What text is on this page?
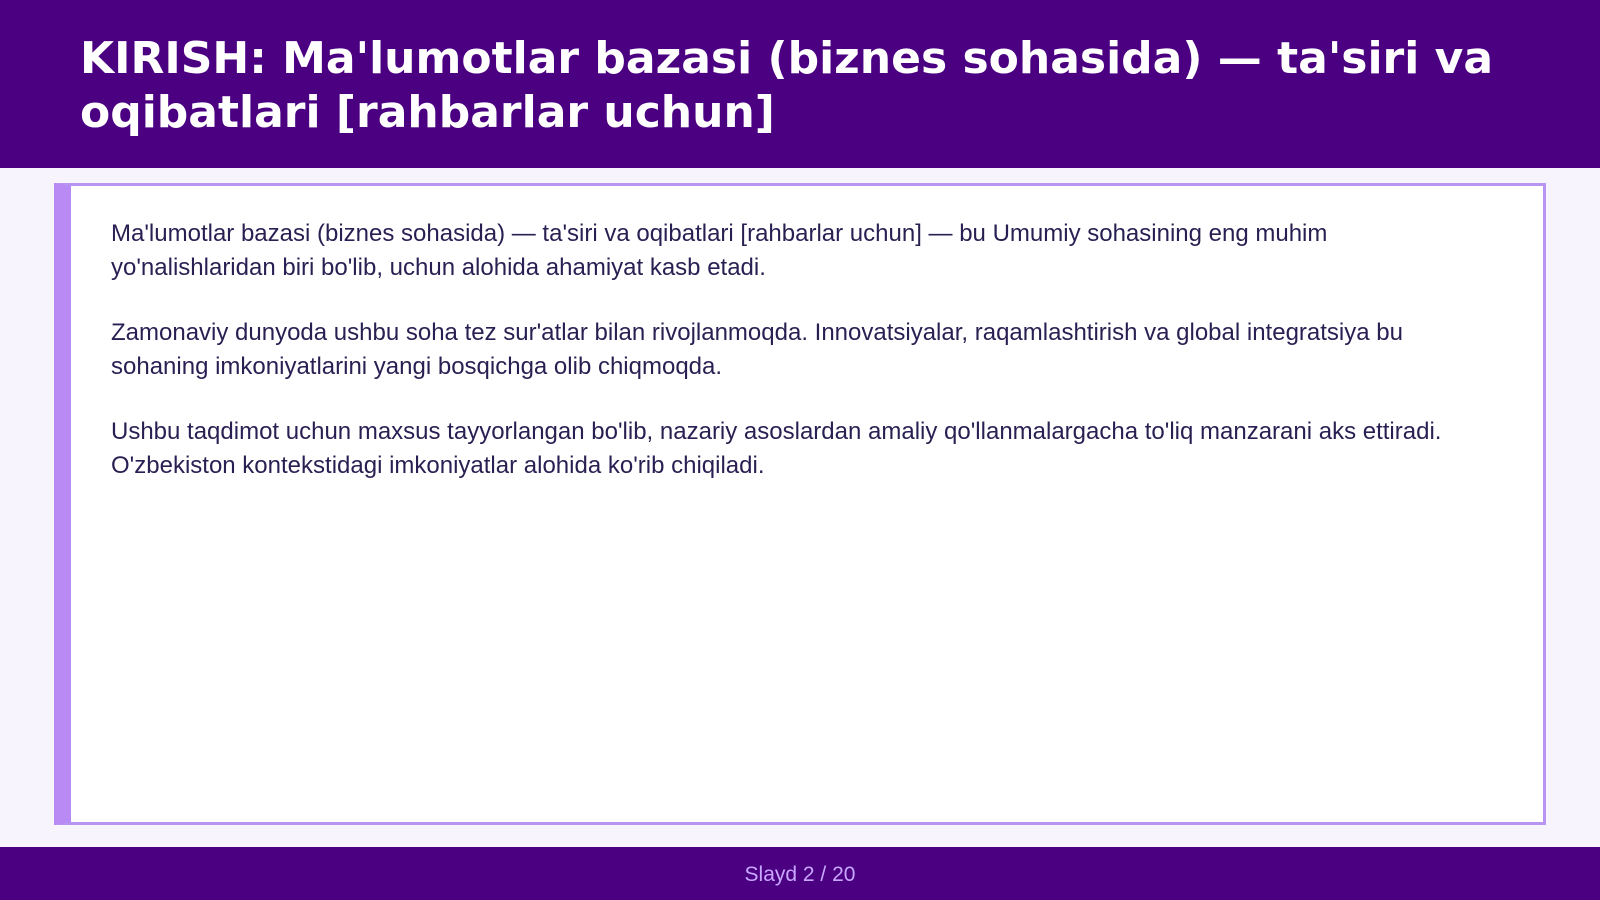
KIRISH: Ma'lumotlar bazasi (biznes sohasida) — ta'siri va oqibatlari [rahbarlar uchun]

Ma'lumotlar bazasi (biznes sohasida) — ta'siri va oqibatlari [rahbarlar uchun] — bu Umumiy sohasining eng muhim yo'nalishlaridan biri bo'lib, uchun alohida ahamiyat kasb etadi.

Zamonaviy dunyoda ushbu soha tez sur'atlar bilan rivojlanmoqda. Innovatsiyalar, raqamlashtirish va global integratsiya bu sohaning imkoniyatlarini yangi bosqichga olib chiqmoqda.

Ushbu taqdimot uchun maxsus tayyorlangan bo'lib, nazariy asoslardan amaliy qo'llanmalargacha to'liq manzarani aks ettiradi. O'zbekiston kontekstidagi imkoniyatlar alohida ko'rib chiqiladi.

Slayd 2 / 20
